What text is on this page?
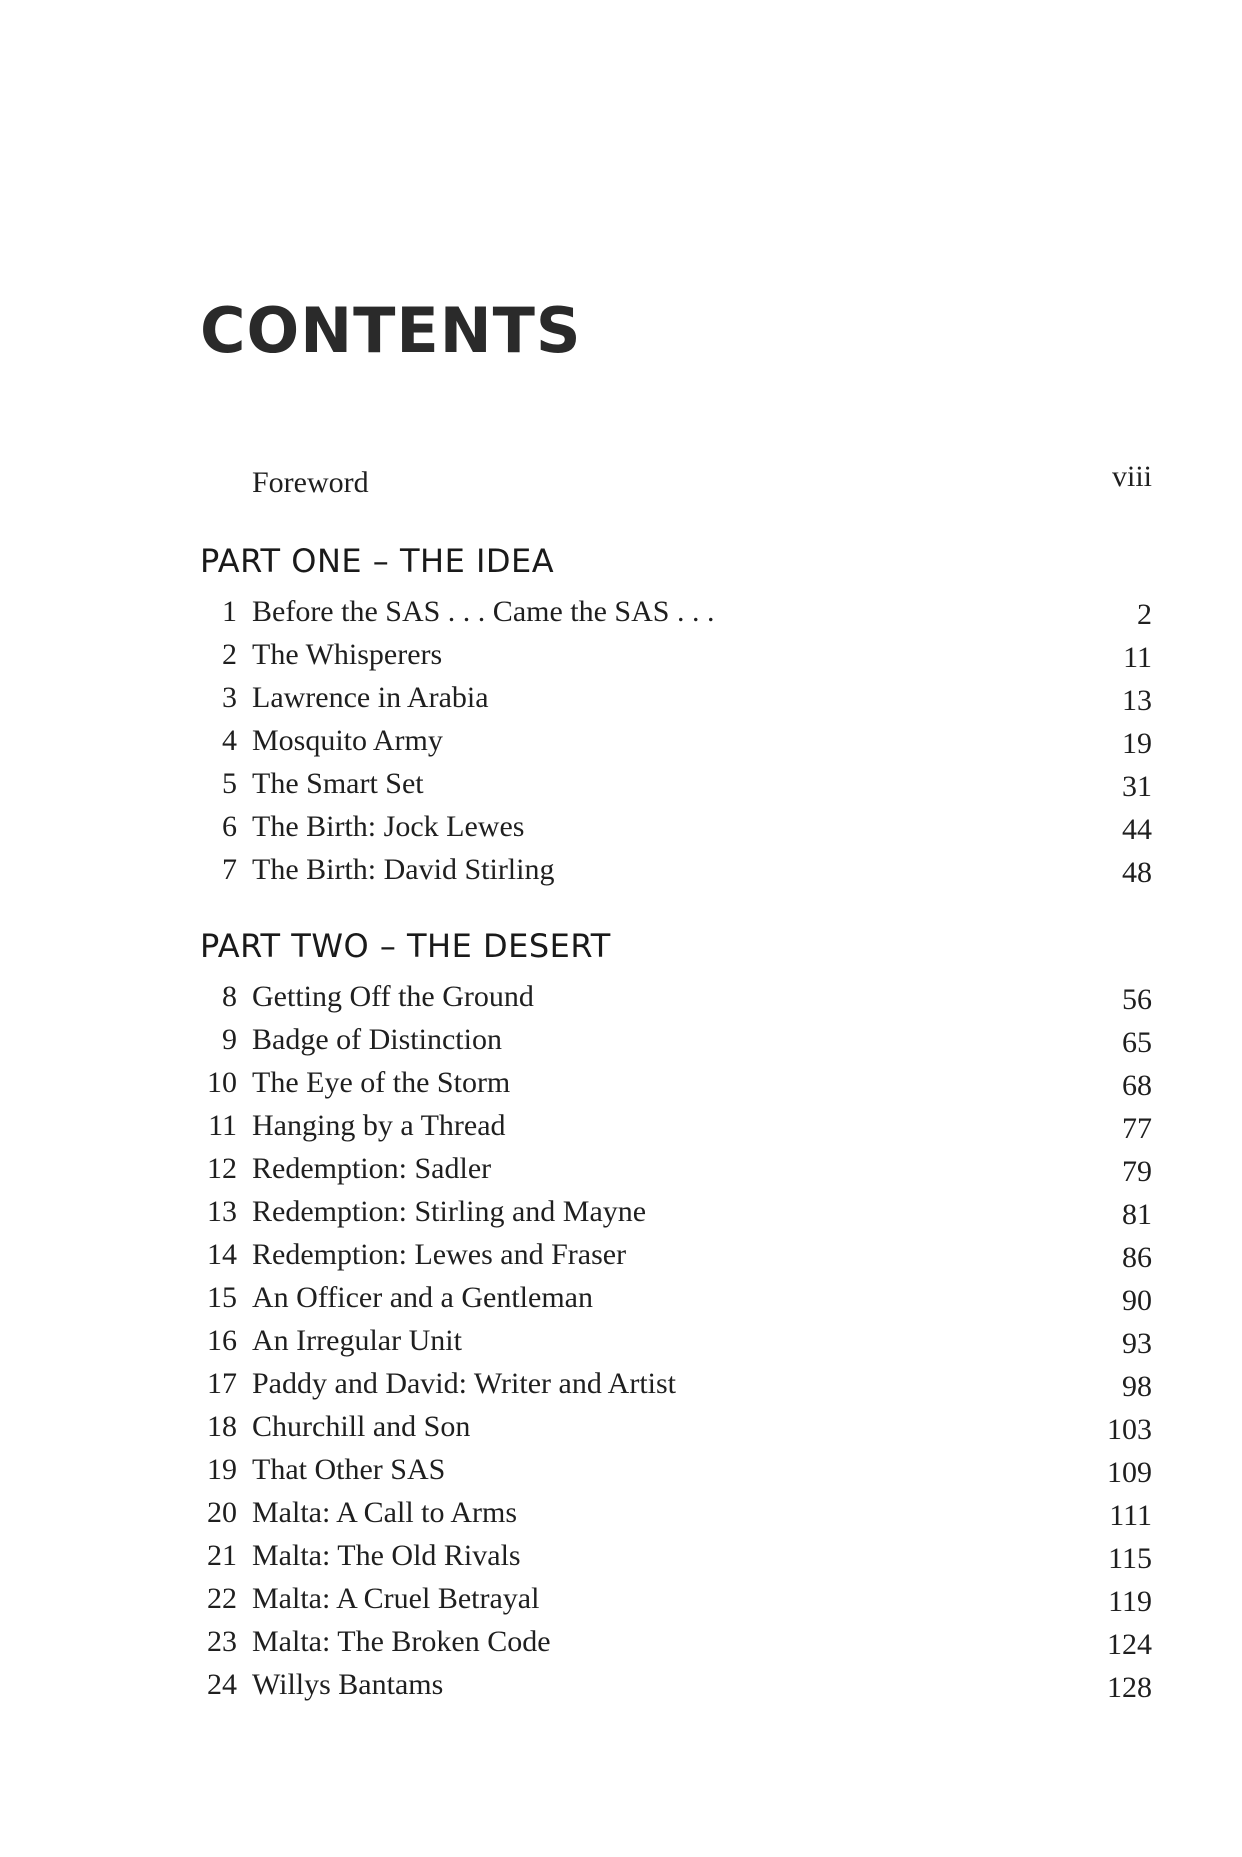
CONTENTS
Foreword	viii
PART ONE – THE IDEA
1 Before the SAS . . . Came the SAS . . .	2
2 The Whisperers	11
3 Lawrence in Arabia	13
4 Mosquito Army	19
5 The Smart Set	31
6 The Birth: Jock Lewes	44
7 The Birth: David Stirling	48
PART TWO – THE DESERT
8 Getting Off the Ground	56
9 Badge of Distinction	65
10 The Eye of the Storm	68
11 Hanging by a Thread	77
12 Redemption: Sadler	79
13 Redemption: Stirling and Mayne	81
14 Redemption: Lewes and Fraser	86
15 An Officer and a Gentleman	90
16 An Irregular Unit	93
17 Paddy and David: Writer and Artist	98
18 Churchill and Son	103
19 That Other SAS	109
20 Malta: A Call to Arms	111
21 Malta: The Old Rivals	115
22 Malta: A Cruel Betrayal	119
23 Malta: The Broken Code	124
24 Willys Bantams	128
